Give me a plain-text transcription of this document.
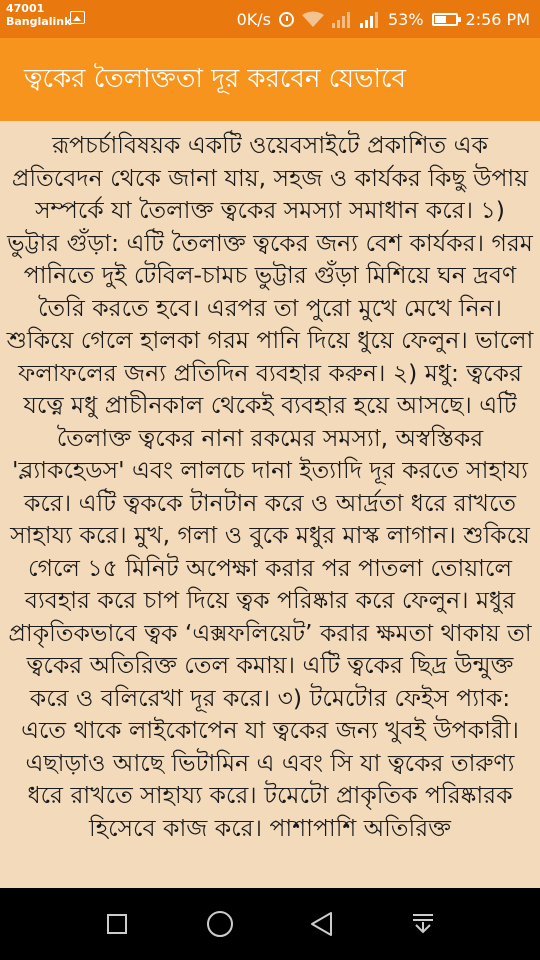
47001
Banglalink	0K/s	53%	2:56 PM
ত্বকের তৈলাক্ততা দূর করবেন যেভাবে

রূপচর্চাবিষয়ক একটি ওয়েবসাইটে প্রকাশিত এক প্রতিবেদন থেকে জানা যায়, সহজ ও কার্যকর কিছু উপায় সম্পর্কে যা তৈলাক্ত ত্বকের সমস্যা সমাধান করে। ১) ভুট্টার গুঁড়া: এটি তৈলাক্ত ত্বকের জন্য বেশ কার্যকর। গরম পানিতে দুই টেবিল-চামচ ভুট্টার গুঁড়া মিশিয়ে ঘন দ্রবণ তৈরি করতে হবে। এরপর তা পুরো মুখে মেখে নিন। শুকিয়ে গেলে হালকা গরম পানি দিয়ে ধুয়ে ফেলুন। ভালো ফলাফলের জন্য প্রতিদিন ব্যবহার করুন। ২) মধু: ত্বকের যত্নে মধু প্রাচীনকাল থেকেই ব্যবহার হয়ে আসছে। এটি তৈলাক্ত ত্বকের নানা রকমের সমস্যা, অস্বস্তিকর 'ব্ল্যাকহেডস' এবং লালচে দানা ইত্যাদি দূর করতে সাহায্য করে। এটি ত্বককে টানটান করে ও আর্দ্রতা ধরে রাখতে সাহায্য করে। মুখ, গলা ও বুকে মধুর মাস্ক লাগান। শুকিয়ে গেলে ১৫ মিনিট অপেক্ষা করার পর পাতলা তোয়ালে ব্যবহার করে চাপ দিয়ে ত্বক পরিষ্কার করে ফেলুন। মধুর প্রাকৃতিকভাবে ত্বক ‘এক্সফলিয়েট’ করার ক্ষমতা থাকায় তা ত্বকের অতিরিক্ত তেল কমায়। এটি ত্বকের ছিদ্র উন্মুক্ত করে ও বলিরেখা দূর করে। ৩) টমেটোর ফেইস প্যাক: এতে থাকে লাইকোপেন যা ত্বকের জন্য খুবই উপকারী। এছাড়াও আছে ভিটামিন এ এবং সি যা ত্বকের তারুণ্য ধরে রাখতে সাহায্য করে। টমেটো প্রাকৃতিক পরিষ্কারক হিসেবে কাজ করে। পাশাপাশি অতিরিক্ত
